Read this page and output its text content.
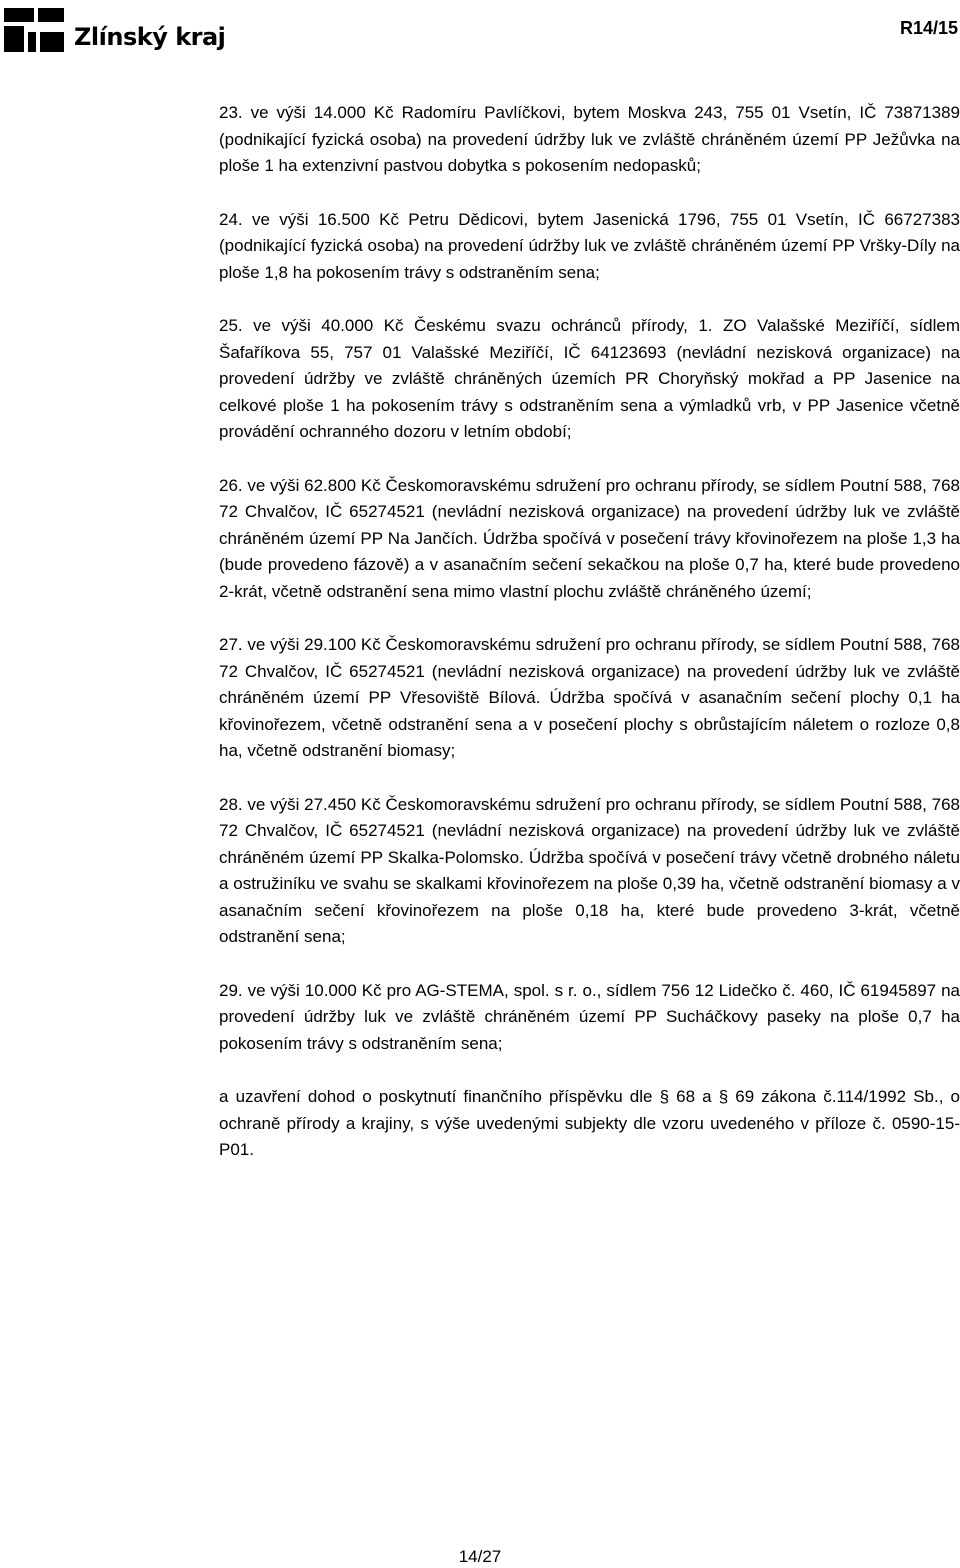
Zlínský kraj	R14/15

23. ve výši 14.000 Kč Radomíru Pavlíčkovi, bytem Moskva 243, 755 01 Vsetín, IČ 73871389 (podnikající fyzická osoba) na provedení údržby luk ve zvláště chráněném území PP Ježůvka na ploše 1 ha extenzivní pastvou dobytka s pokosením nedopasků;

24. ve výši 16.500 Kč Petru Dědicovi, bytem Jasenická 1796, 755 01 Vsetín, IČ 66727383 (podnikající fyzická osoba) na provedení údržby luk ve zvláště chráněném území PP Vršky-Díly na ploše 1,8 ha pokosením trávy s odstraněním sena;

25. ve výši 40.000 Kč Českému svazu ochránců přírody, 1. ZO Valašské Meziříčí, sídlem Šafaříkova 55, 757 01 Valašské Meziříčí, IČ 64123693 (nevládní nezisková organizace) na provedení údržby ve zvláště chráněných územích PR Choryňský mokřad a PP Jasenice na celkové ploše 1 ha pokosením trávy s odstraněním sena a výmladků vrb, v PP Jasenice včetně provádění ochranného dozoru v letním období;

26. ve výši 62.800 Kč Českomoravskému sdružení pro ochranu přírody, se sídlem Poutní 588, 768 72 Chvalčov, IČ 65274521 (nevládní nezisková organizace) na provedení údržby luk ve zvláště chráněném území PP Na Jančích. Údržba spočívá v posečení trávy křovinořezem na ploše 1,3 ha (bude provedeno fázově) a v asanačním sečení sekačkou na ploše 0,7 ha, které bude provedeno 2-krát, včetně odstranění sena mimo vlastní plochu zvláště chráněného území;

27. ve výši 29.100 Kč Českomoravskému sdružení pro ochranu přírody, se sídlem Poutní 588, 768 72 Chvalčov, IČ 65274521 (nevládní nezisková organizace) na provedení údržby luk ve zvláště chráněném území PP Vřesoviště Bílová. Údržba spočívá v asanačním sečení plochy 0,1 ha křovinořezem, včetně odstranění sena a v posečení plochy s obrůstajícím náletem o rozloze 0,8 ha, včetně odstranění biomasy;

28. ve výši 27.450 Kč Českomoravskému sdružení pro ochranu přírody, se sídlem Poutní 588, 768 72 Chvalčov, IČ 65274521 (nevládní nezisková organizace) na provedení údržby luk ve zvláště chráněném území PP Skalka-Polomsko. Údržba spočívá v posečení trávy včetně drobného náletu a ostružiníku ve svahu se skalkami křovinořezem na ploše 0,39 ha, včetně odstranění biomasy a v asanačním sečení křovinořezem na ploše 0,18 ha, které bude provedeno 3-krát, včetně odstranění sena;

29. ve výši 10.000 Kč pro AG-STEMA, spol. s r. o., sídlem 756 12 Lidečko č. 460, IČ 61945897 na provedení údržby luk ve zvláště chráněném území PP Sucháčkovy paseky na ploše 0,7 ha pokosením trávy s odstraněním sena;

a uzavření dohod o poskytnutí finančního příspěvku dle § 68 a § 69 zákona č.114/1992 Sb., o ochraně přírody a krajiny, s výše uvedenými subjekty dle vzoru uvedeného v příloze č. 0590-15-P01.

14/27
